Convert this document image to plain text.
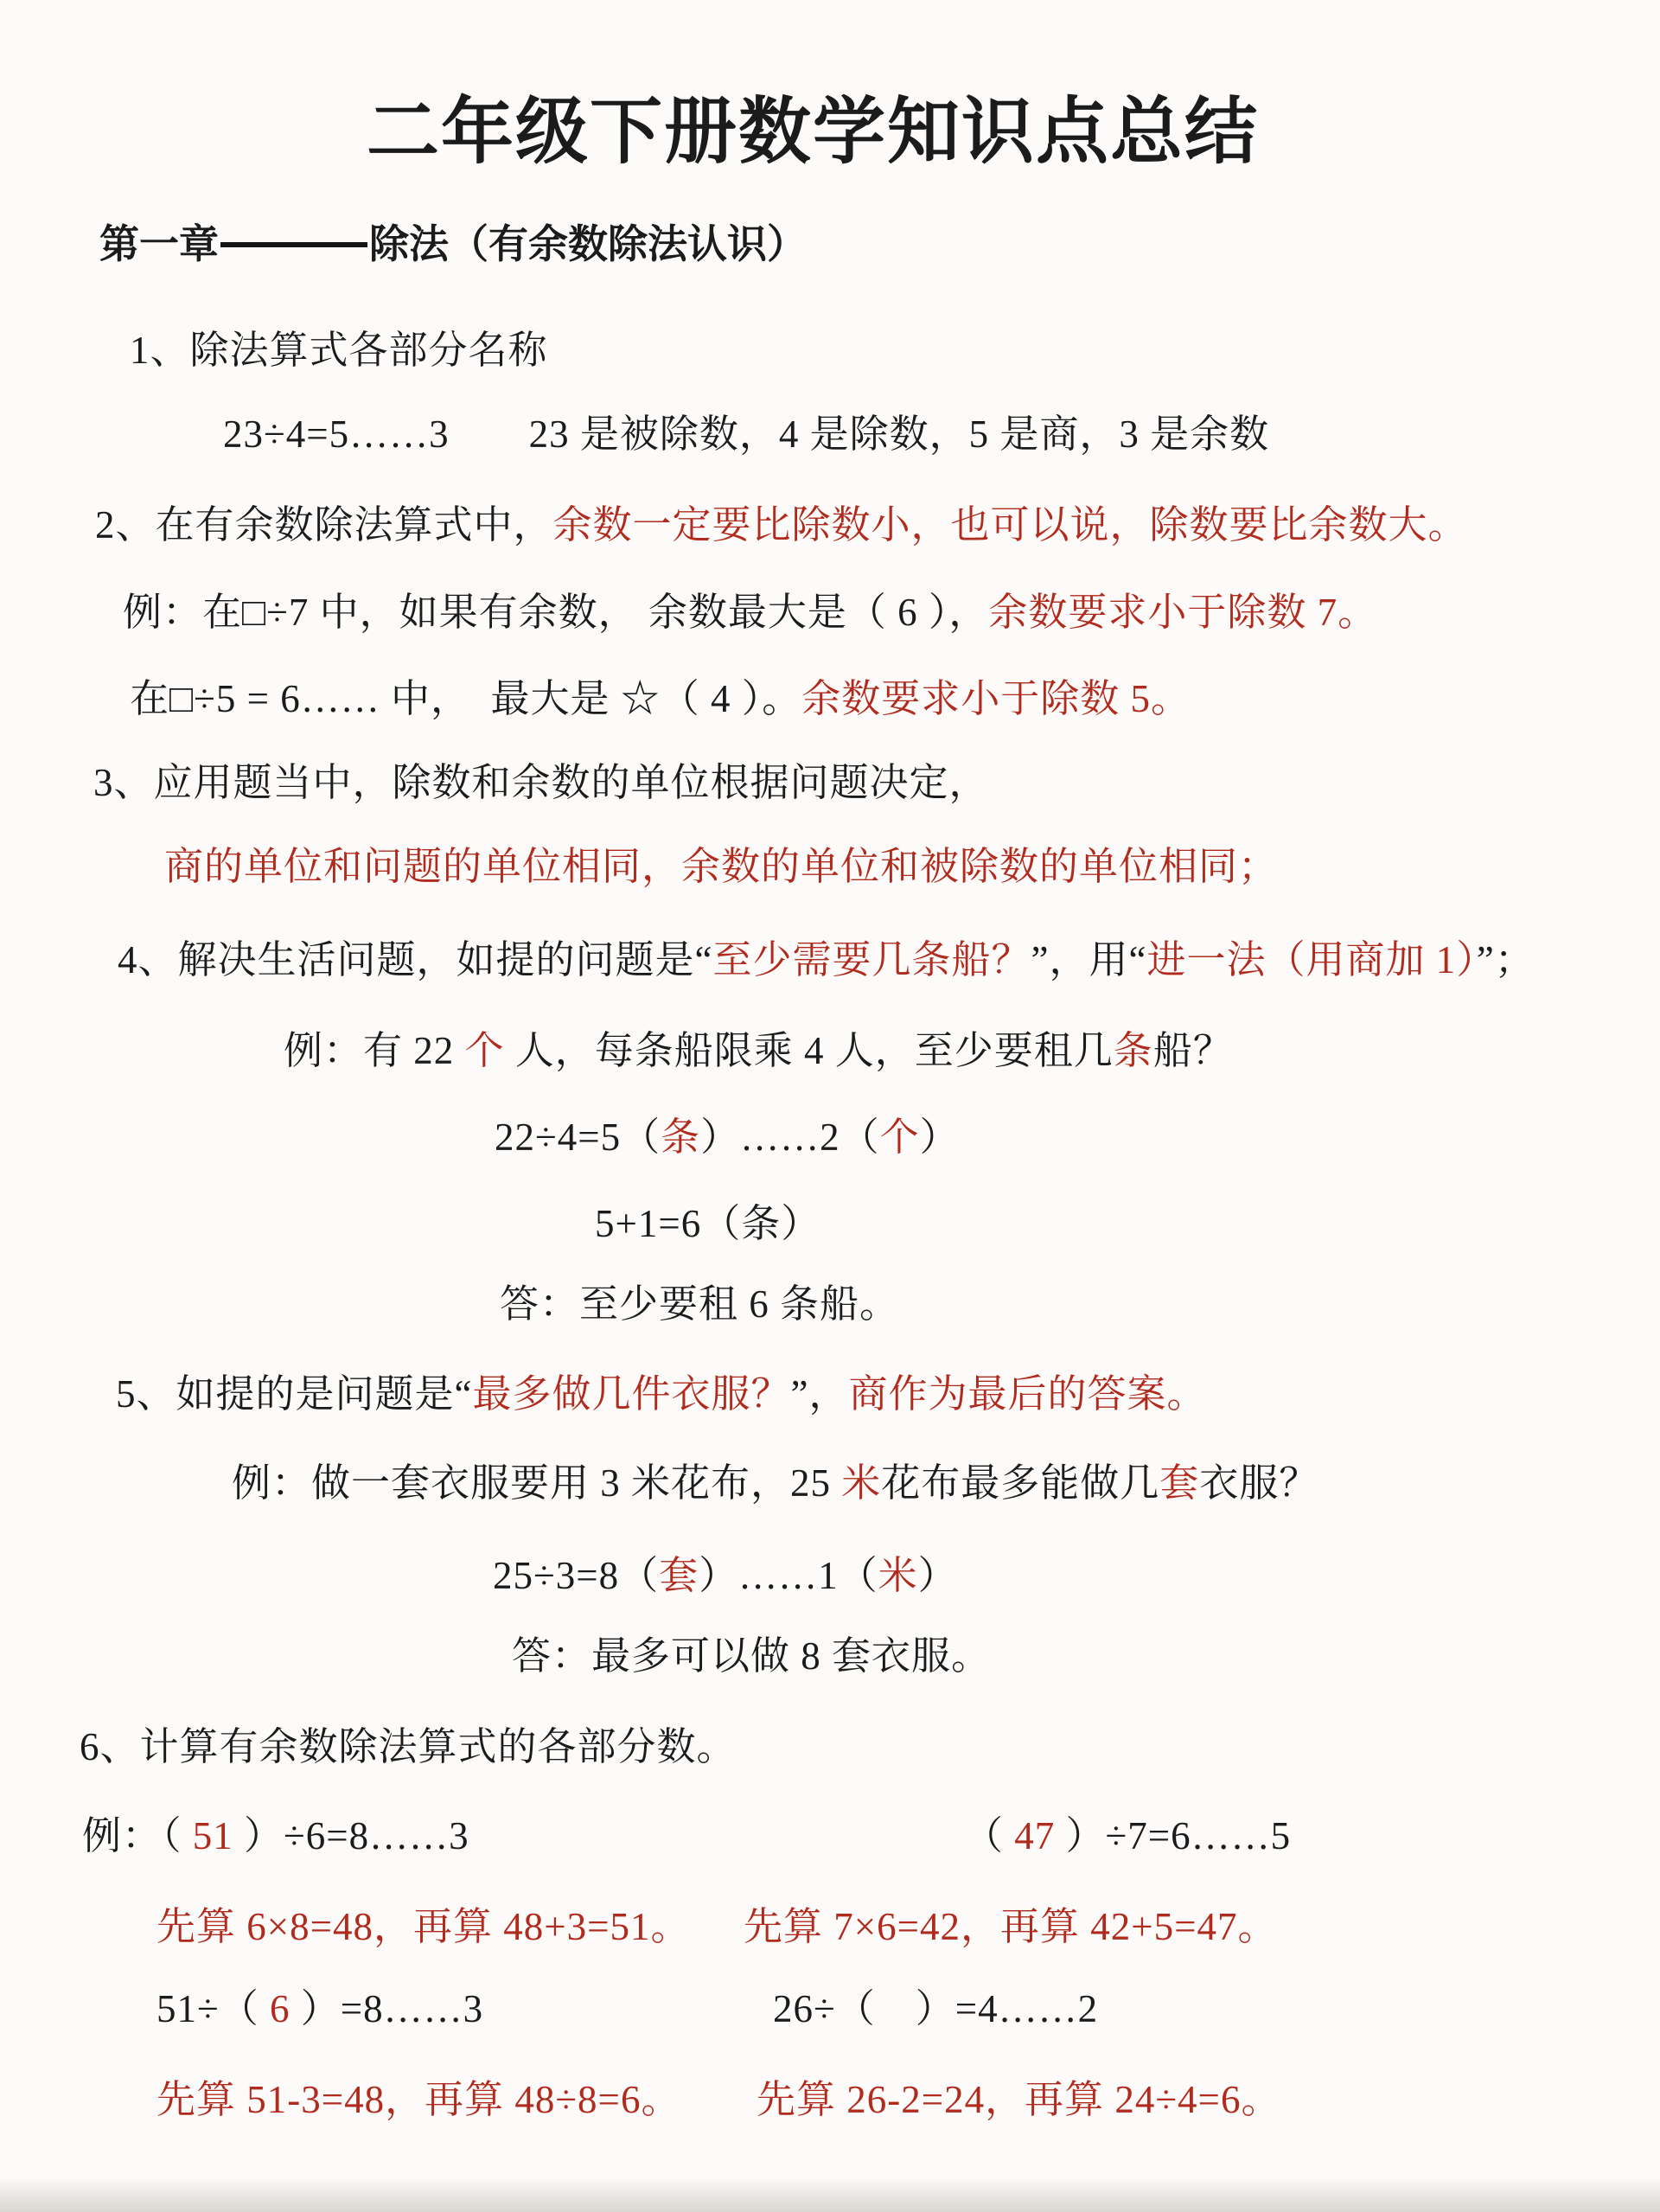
二年级下册数学知识点总结
第一章	除法（有余数除法认识）
1、除法算式各部分名称
23÷4=5……3　　23 是被除数，4 是除数，5 是商，3 是余数
2、在有余数除法算式中，余数一定要比除数小，也可以说，除数要比余数大。
例：在□÷7 中，如果有余数， 余数最大是（ 6 ），余数要求小于除数 7。
在□÷5 = 6…… 中，　最大是 ☆（ 4 ）。余数要求小于除数 5。
3、应用题当中，除数和余数的单位根据问题决定，
商的单位和问题的单位相同，余数的单位和被除数的单位相同；
4、解决生活问题，如提的问题是“至少需要几条船？”，用“进一法（用商加 1）”；
例：有 22 个 人，每条船限乘 4 人，至少要租几条船？
22÷4=5（条）……2（个）
5+1=6（条）
答：至少要租 6 条船。
5、如提的是问题是“最多做几件衣服？”，商作为最后的答案。
例：做一套衣服要用 3 米花布，25 米花布最多能做几套衣服？
25÷3=8（套）……1（米）
答：最多可以做 8 套衣服。
6、计算有余数除法算式的各部分数。
例：（ 51 ）÷6=8……3	（ 47 ）÷7=6……5
先算 6×8=48，再算 48+3=51。 先算 7×6=42，再算 42+5=47。
51÷（ 6 ）=8……3	26÷（　）=4……2
先算 51-3=48，再算 48÷8=6。 先算 26-2=24，再算 24÷4=6。
